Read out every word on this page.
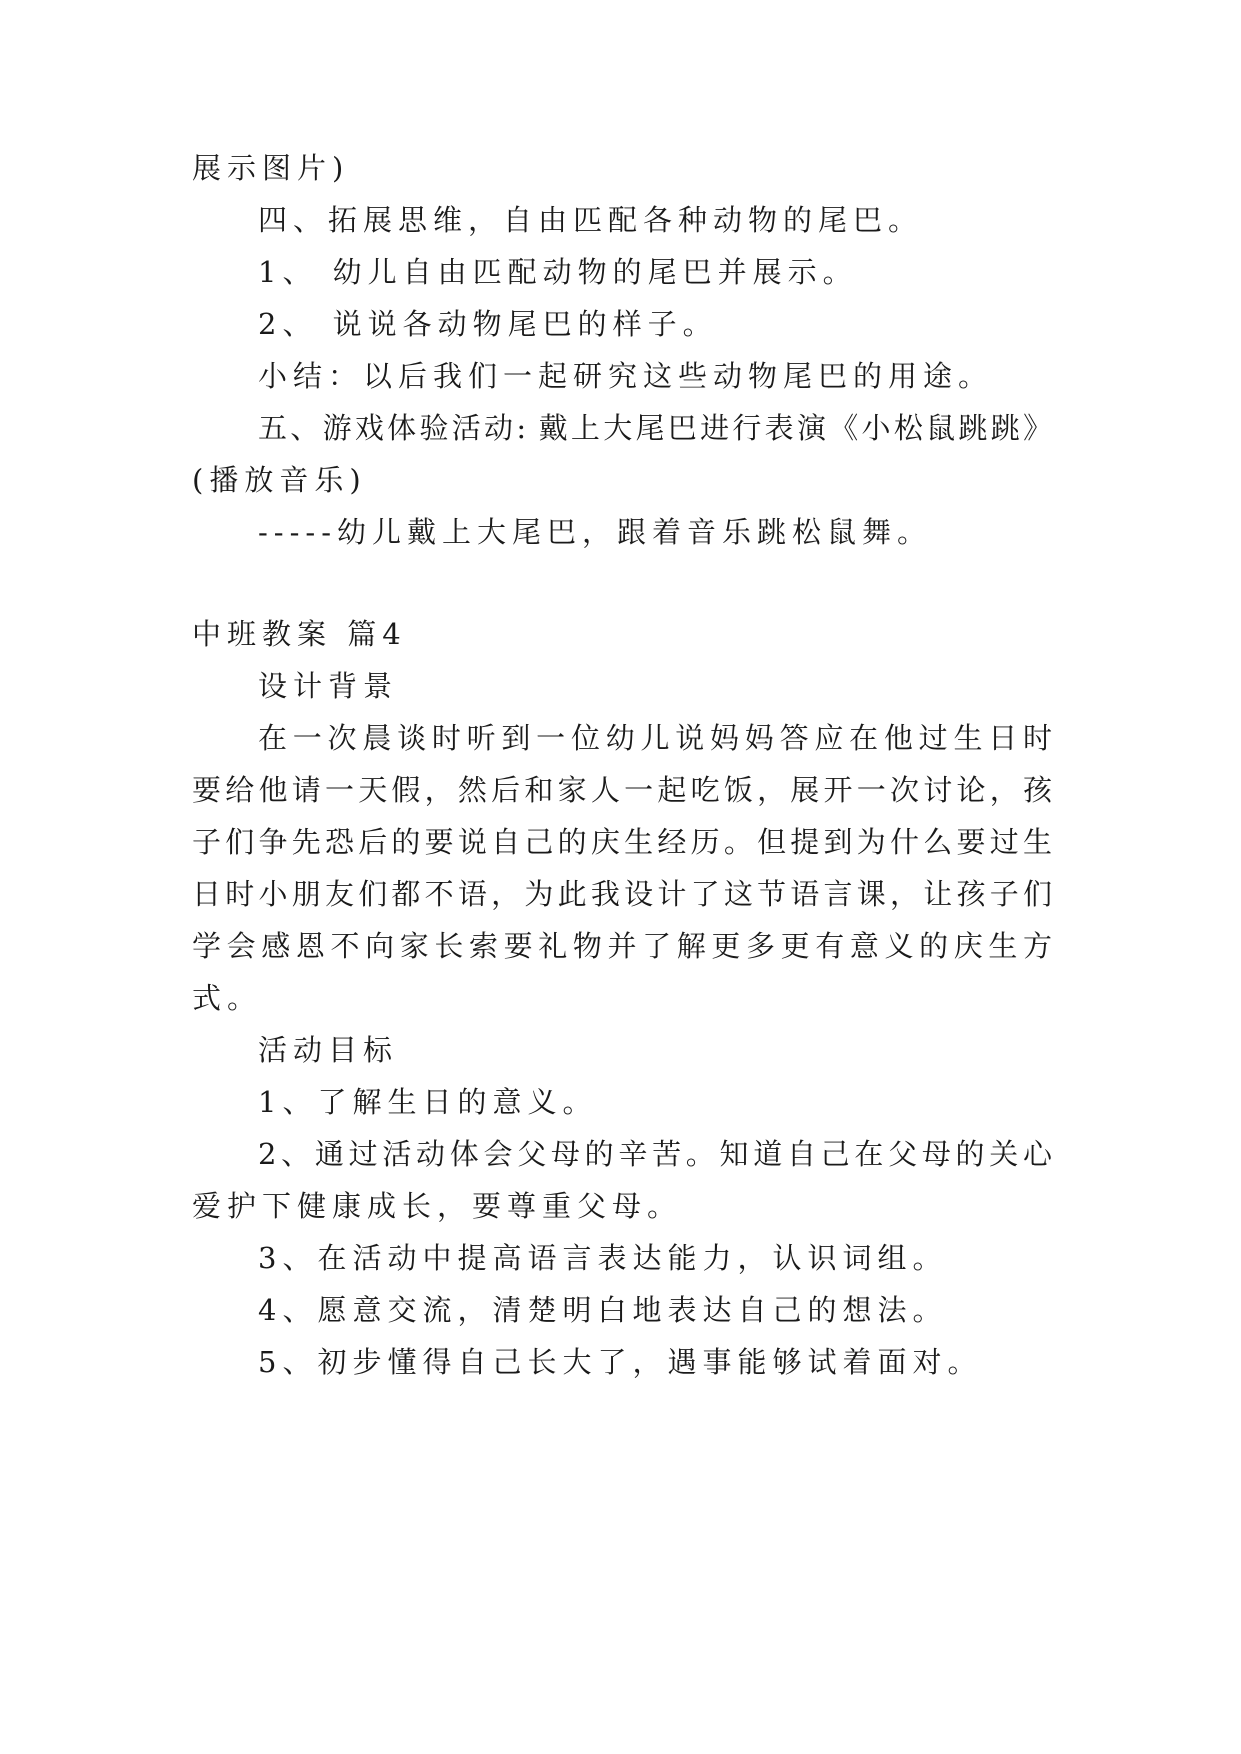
展示图片)
四、拓展思维，自由匹配各种动物的尾巴。
1、 幼儿自由匹配动物的尾巴并展示。
2、 说说各动物尾巴的样子。
小结：以后我们一起研究这些动物尾巴的用途。
五、游戏体验活动: 戴上大尾巴进行表演《小松鼠跳跳》
(播放音乐)
-----幼儿戴上大尾巴，跟着音乐跳松鼠舞。
中班教案 篇4
设计背景
在一次晨谈时听到一位幼儿说妈妈答应在他过生日时
要给他请一天假，然后和家人一起吃饭，展开一次讨论，孩
子们争先恐后的要说自己的庆生经历。但提到为什么要过生
日时小朋友们都不语，为此我设计了这节语言课，让孩子们
学会感恩不向家长索要礼物并了解更多更有意义的庆生方
式。
活动目标
1、了解生日的意义。
2、通过活动体会父母的辛苦。知道自己在父母的关心
爱护下健康成长，要尊重父母。
3、在活动中提高语言表达能力，认识词组。
4、愿意交流，清楚明白地表达自己的想法。
5、初步懂得自己长大了，遇事能够试着面对。
